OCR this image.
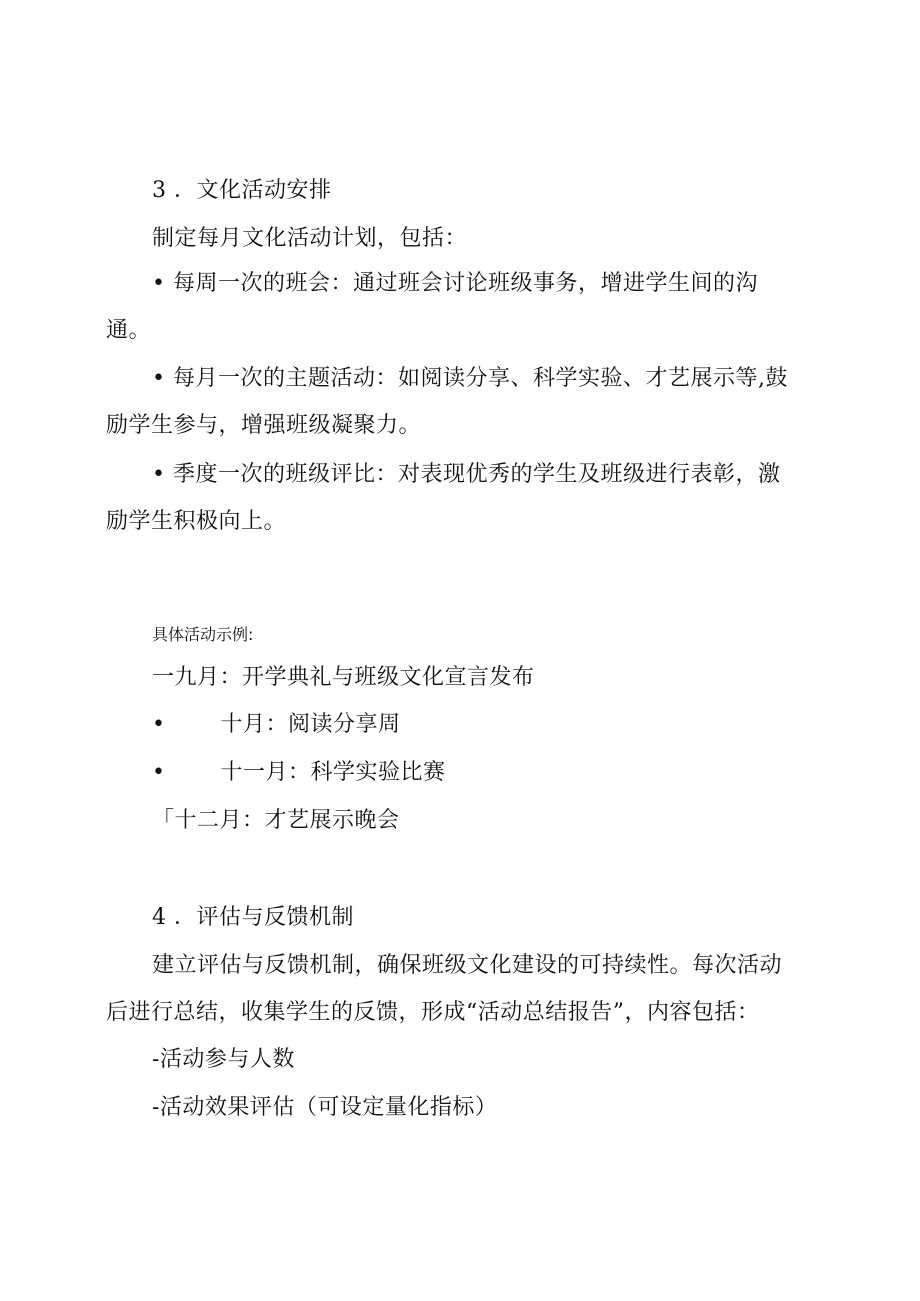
3 ．文化活动安排
制定每月文化活动计划，包括：
• 每周一次的班会：通过班会讨论班级事务，增进学生间的沟
通。
• 每月一次的主题活动：如阅读分享、科学实验、才艺展示等,鼓
励学生参与，增强班级凝聚力。
• 季度一次的班级评比：对表现优秀的学生及班级进行表彰，激
励学生积极向上。
具体活动示例:
一九月：开学典礼与班级文化宣言发布
•	十月：阅读分享周
•	十一月：科学实验比赛
「十二月：才艺展示晚会
4 ．评估与反馈机制
建立评估与反馈机制，确保班级文化建设的可持续性。每次活动
后进行总结，收集学生的反馈，形成“活动总结报告”，内容包括：
-活动参与人数
-活动效果评估（可设定量化指标）
